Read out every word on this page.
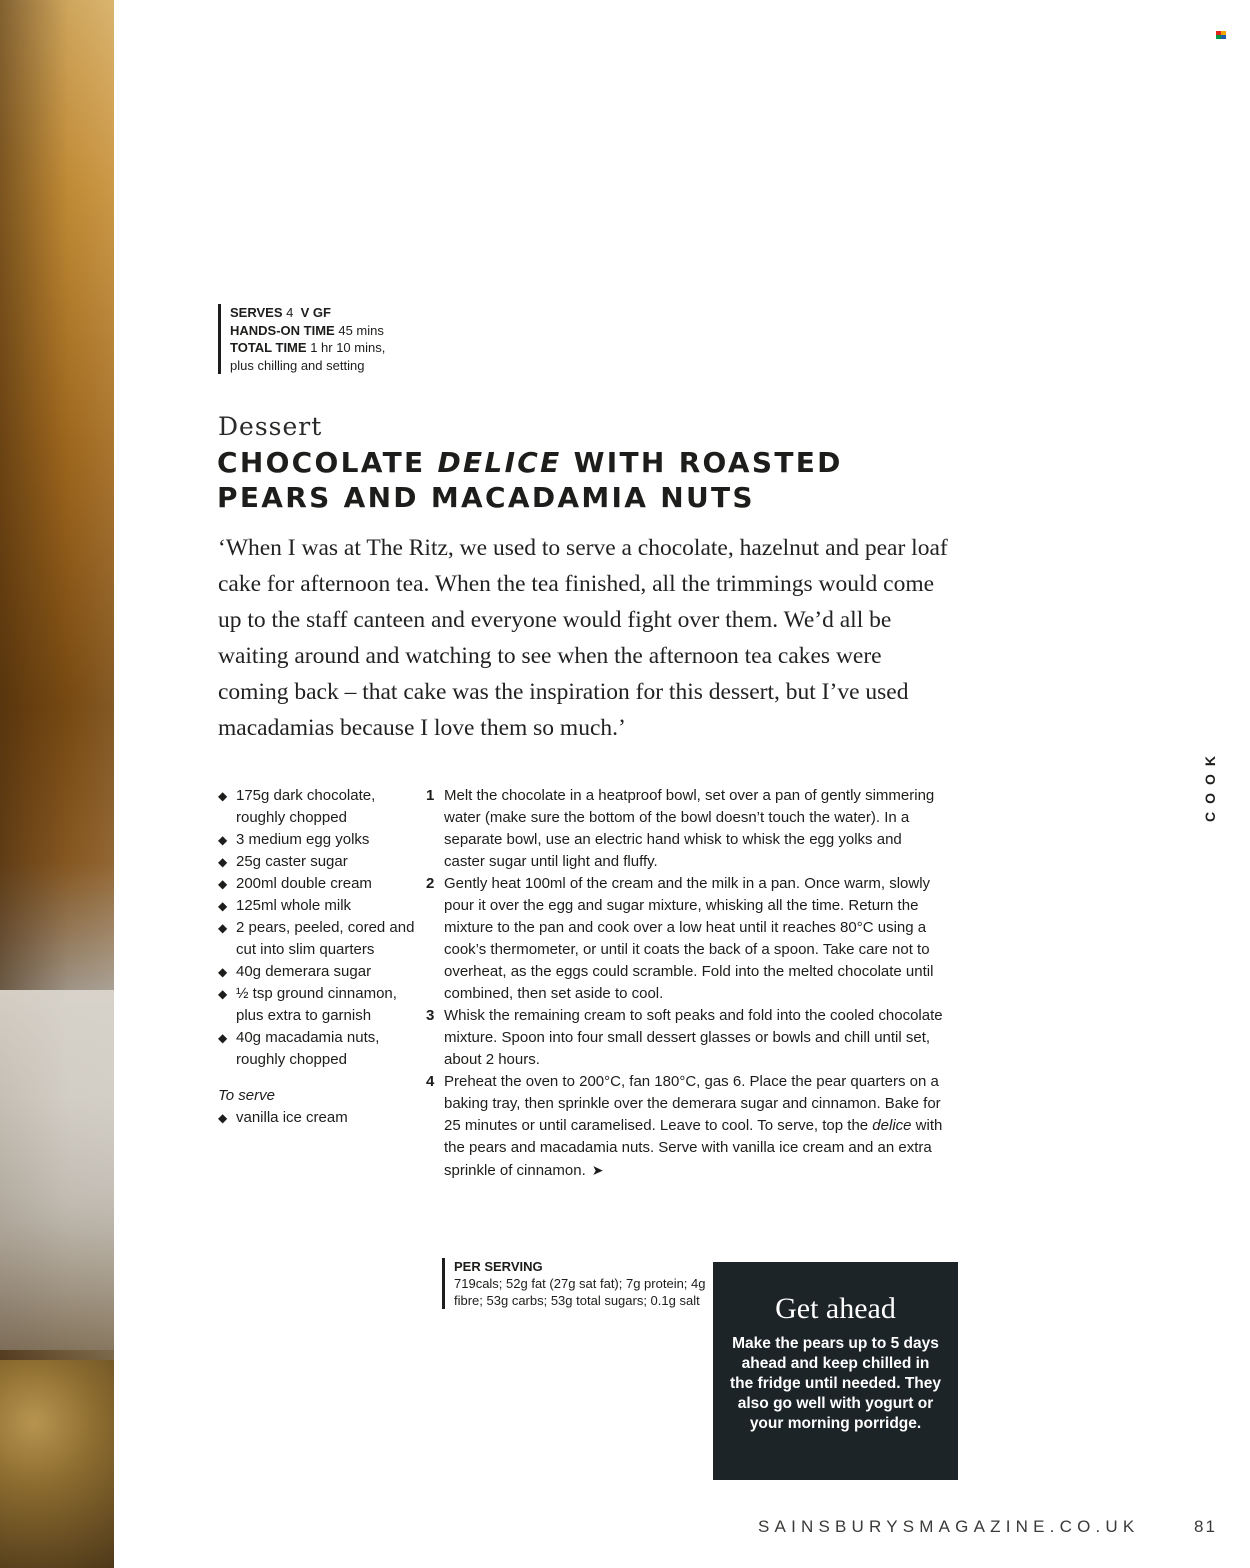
SERVES 4 V GF
HANDS-ON TIME 45 mins
TOTAL TIME 1 hr 10 mins,
plus chilling and setting
Dessert
CHOCOLATE DELICE WITH ROASTED PEARS AND MACADAMIA NUTS
‘When I was at The Ritz, we used to serve a chocolate, hazelnut and pear loaf cake for afternoon tea. When the tea finished, all the trimmings would come up to the staff canteen and everyone would fight over them. We’d all be waiting around and watching to see when the afternoon tea cakes were coming back – that cake was the inspiration for this dessert, but I’ve used macadamias because I love them so much.’
◆ 175g dark chocolate, roughly chopped
◆ 3 medium egg yolks
◆ 25g caster sugar
◆ 200ml double cream
◆ 125ml whole milk
◆ 2 pears, peeled, cored and cut into slim quarters
◆ 40g demerara sugar
◆ ½ tsp ground cinnamon, plus extra to garnish
◆ 40g macadamia nuts, roughly chopped
To serve
◆ vanilla ice cream
1 Melt the chocolate in a heatproof bowl, set over a pan of gently simmering water (make sure the bottom of the bowl doesn’t touch the water). In a separate bowl, use an electric hand whisk to whisk the egg yolks and caster sugar until light and fluffy.
2 Gently heat 100ml of the cream and the milk in a pan. Once warm, slowly pour it over the egg and sugar mixture, whisking all the time. Return the mixture to the pan and cook over a low heat until it reaches 80°C using a cook’s thermometer, or until it coats the back of a spoon. Take care not to overheat, as the eggs could scramble. Fold into the melted chocolate until combined, then set aside to cool.
3 Whisk the remaining cream to soft peaks and fold into the cooled chocolate mixture. Spoon into four small dessert glasses or bowls and chill until set, about 2 hours.
4 Preheat the oven to 200°C, fan 180°C, gas 6. Place the pear quarters on a baking tray, then sprinkle over the demerara sugar and cinnamon. Bake for 25 minutes or until caramelised. Leave to cool. To serve, top the delice with the pears and macadamia nuts. Serve with vanilla ice cream and an extra sprinkle of cinnamon. ➤
PER SERVING
719cals; 52g fat (27g sat fat); 7g protein; 4g fibre; 53g carbs; 53g total sugars; 0.1g salt	Get ahead
Make the pears up to 5 days ahead and keep chilled in the fridge until needed. They also go well with yogurt or your morning porridge.
COOK
SAINSBURYSMAGAZINE.CO.UK	81
